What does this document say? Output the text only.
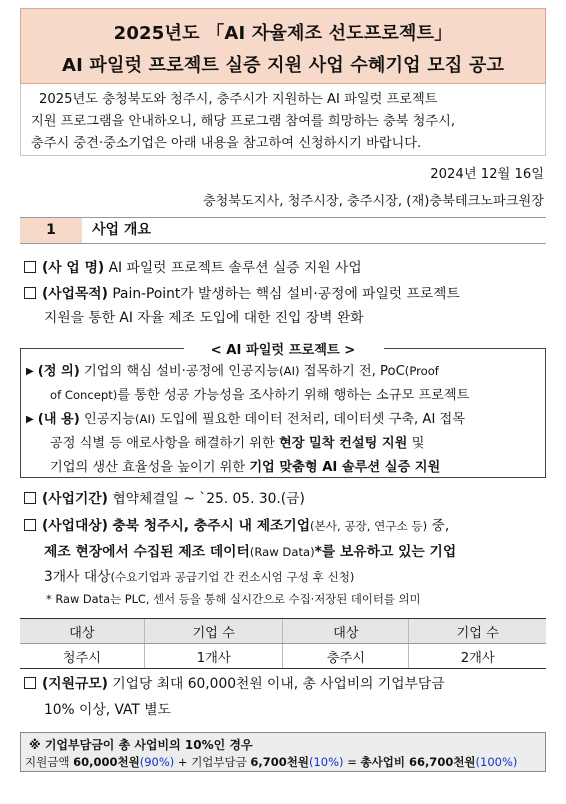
2025년도 「AI 자율제조 선도프로젝트」
AI 파일럿 프로젝트 실증 지원 사업 수혜기업 모집 공고
2025년도 충청북도와 청주시, 충주시가 지원하는 AI 파일럿 프로젝트
지원 프로그램을 안내하오니, 해당 프로그램 참여를 희망하는 충북 청주시,
충주시 중견·중소기업은 아래 내용을 참고하여 신청하시기 바랍니다.
2024년 12월 16일
충청북도지사, 청주시장, 충주시장, (재)충북테크노파크원장
1	사업 개요
(사 업 명) AI 파일럿 프로젝트 솔루션 실증 지원 사업
(사업목적) Pain-Point가 발생하는 핵심 설비·공정에 파일럿 프로젝트
지원을 통한 AI 자율 제조 도입에 대한 진입 장벽 완화
< AI 파일럿 프로젝트 >
▶ (정 의) 기업의 핵심 설비·공정에 인공지능(AI) 접목하기 전, PoC(Proof
of Concept)를 통한 성공 가능성을 조사하기 위해 행하는 소규모 프로젝트
▶ (내 용) 인공지능(AI) 도입에 필요한 데이터 전처리, 데이터셋 구축, AI 접목
공정 식별 등 애로사항을 해결하기 위한 현장 밀착 컨설팅 지원 및
기업의 생산 효율성을 높이기 위한 기업 맞춤형 AI 솔루션 실증 지원
(사업기간) 협약체결일 ~ `25. 05. 30.(금)
(사업대상) 충북 청주시, 충주시 내 제조기업(본사, 공장, 연구소 등) 중,
제조 현장에서 수집된 제조 데이터(Raw Data)*를 보유하고 있는 기업
3개사 대상(수요기업과 공급기업 간 컨소시엄 구성 후 신청)
* Raw Data는 PLC, 센서 등을 통해 실시간으로 수집·저장된 데이터를 의미
대상	기업 수	대상	기업 수
청주시	1개사	충주시	2개사
(지원규모) 기업당 최대 60,000천원 이내, 총 사업비의 기업부담금
10% 이상, VAT 별도
※ 기업부담금이 총 사업비의 10%인 경우
지원금액 60,000천원(90%) + 기업부담금 6,700천원(10%) = 총사업비 66,700천원(100%)
